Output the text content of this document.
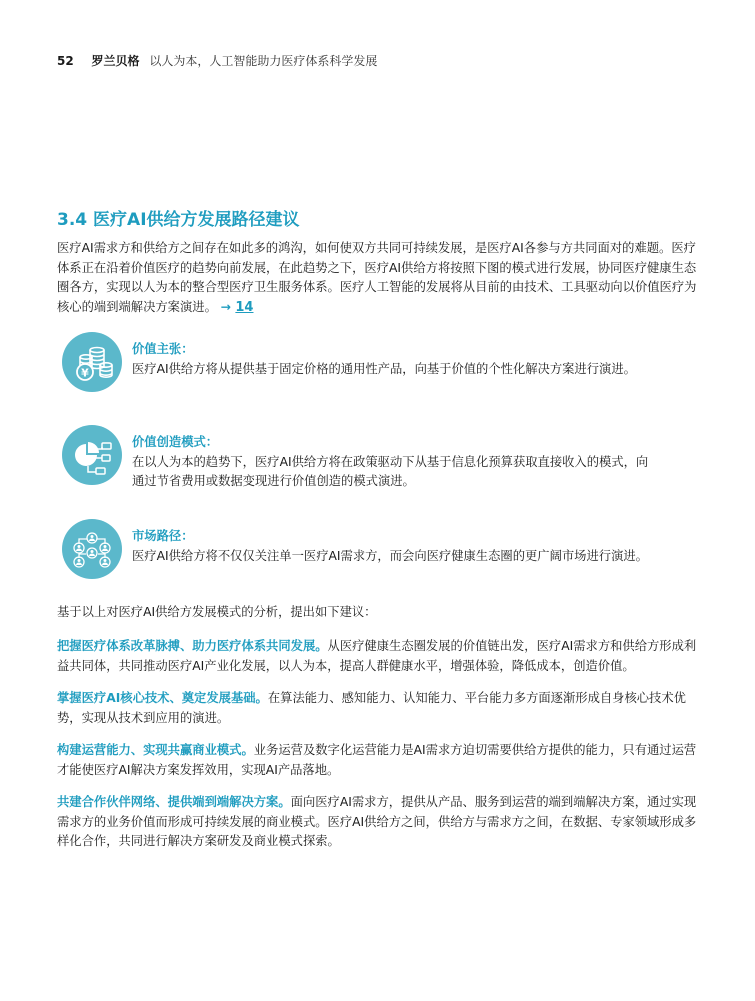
52 罗兰贝格 以人为本，人工智能助力医疗体系科学发展
3.4 医疗AI供给方发展路径建议
医疗AI需求方和供给方之间存在如此多的鸿沟，如何使双方共同可持续发展，是医疗AI各参与方共同面对的难题。医疗体系正在沿着价值医疗的趋势向前发展，在此趋势之下，医疗AI供给方将按照下图的模式进行发展，协同医疗健康生态圈各方，实现以人为本的整合型医疗卫生服务体系。医疗人工智能的发展将从目前的由技术、工具驱动向以价值医疗为核心的端到端解决方案演进。 → 14
¥
价值主张：
医疗AI供给方将从提供基于固定价格的通用性产品，向基于价值的个性化解决方案进行演进。
价值创造模式：
在以人为本的趋势下，医疗AI供给方将在政策驱动下从基于信息化预算获取直接收入的模式，向通过节省费用或数据变现进行价值创造的模式演进。
市场路径：
医疗AI供给方将不仅仅关注单一医疗AI需求方，而会向医疗健康生态圈的更广阔市场进行演进。
基于以上对医疗AI供给方发展模式的分析，提出如下建议：
把握医疗体系改革脉搏、助力医疗体系共同发展。从医疗健康生态圈发展的价值链出发，医疗AI需求方和供给方形成利益共同体，共同推动医疗AI产业化发展，以人为本，提高人群健康水平，增强体验，降低成本，创造价值。
掌握医疗AI核心技术、奠定发展基础。在算法能力、感知能力、认知能力、平台能力多方面逐渐形成自身核心技术优势，实现从技术到应用的演进。
构建运营能力、实现共赢商业模式。业务运营及数字化运营能力是AI需求方迫切需要供给方提供的能力，只有通过运营才能使医疗AI解决方案发挥效用，实现AI产品落地。
共建合作伙伴网络、提供端到端解决方案。面向医疗AI需求方，提供从产品、服务到运营的端到端解决方案，通过实现需求方的业务价值而形成可持续发展的商业模式。医疗AI供给方之间，供给方与需求方之间，在数据、专家领域形成多样化合作，共同进行解决方案研发及商业模式探索。
